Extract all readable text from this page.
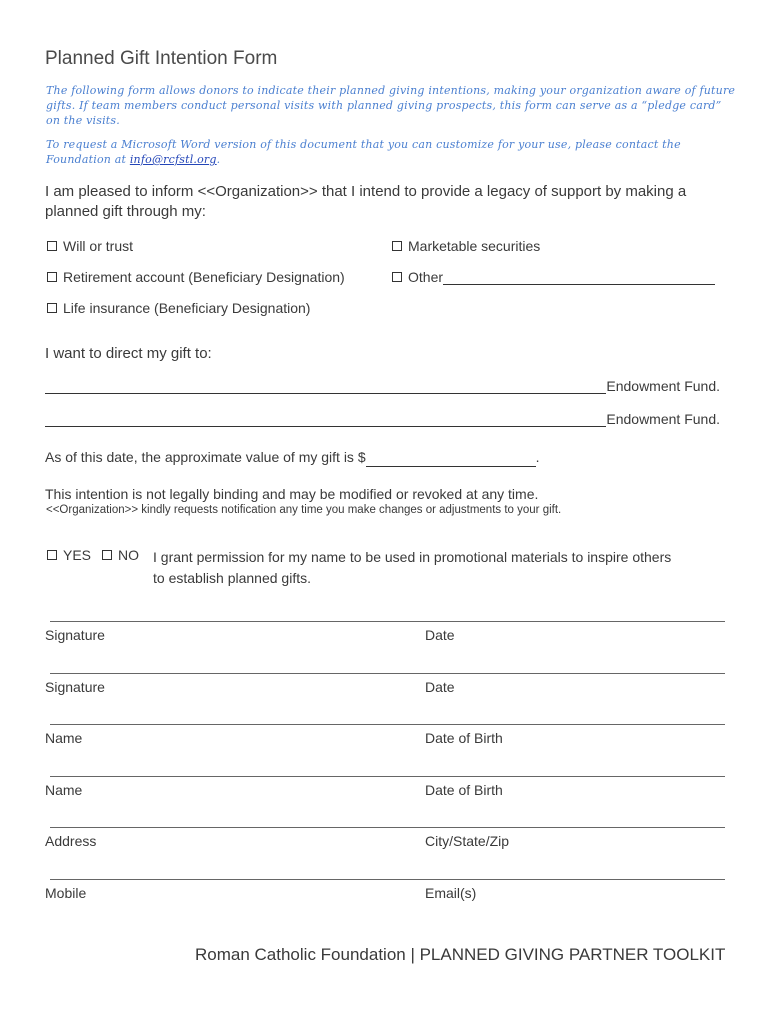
Planned Gift Intention Form
The following form allows donors to indicate their planned giving intentions, making your organization aware of future gifts. If team members conduct personal visits with planned giving prospects, this form can serve as a “pledge card” on the visits.
To request a Microsoft Word version of this document that you can customize for your use, please contact the Foundation at info@rcfstl.org.
I am pleased to inform <<Organization>> that I intend to provide a legacy of support by making a planned gift through my:
Will or trust
Retirement account (Beneficiary Designation)
Life insurance (Beneficiary Designation)
Marketable securities
Other
I want to direct my gift to:
Endowment Fund.
Endowment Fund.
As of this date, the approximate value of my gift is $	.
This intention is not legally binding and may be modified or revoked at any time.
<<Organization>> kindly requests notification any time you make changes or adjustments to your gift.
YES NO I grant permission for my name to be used in promotional materials to inspire others
to establish planned gifts.
Signature	Date
Signature	Date
Name	Date of Birth
Name	Date of Birth
Address	City/State/Zip
Mobile	Email(s)
Roman Catholic Foundation | PLANNED GIVING PARTNER TOOLKIT
